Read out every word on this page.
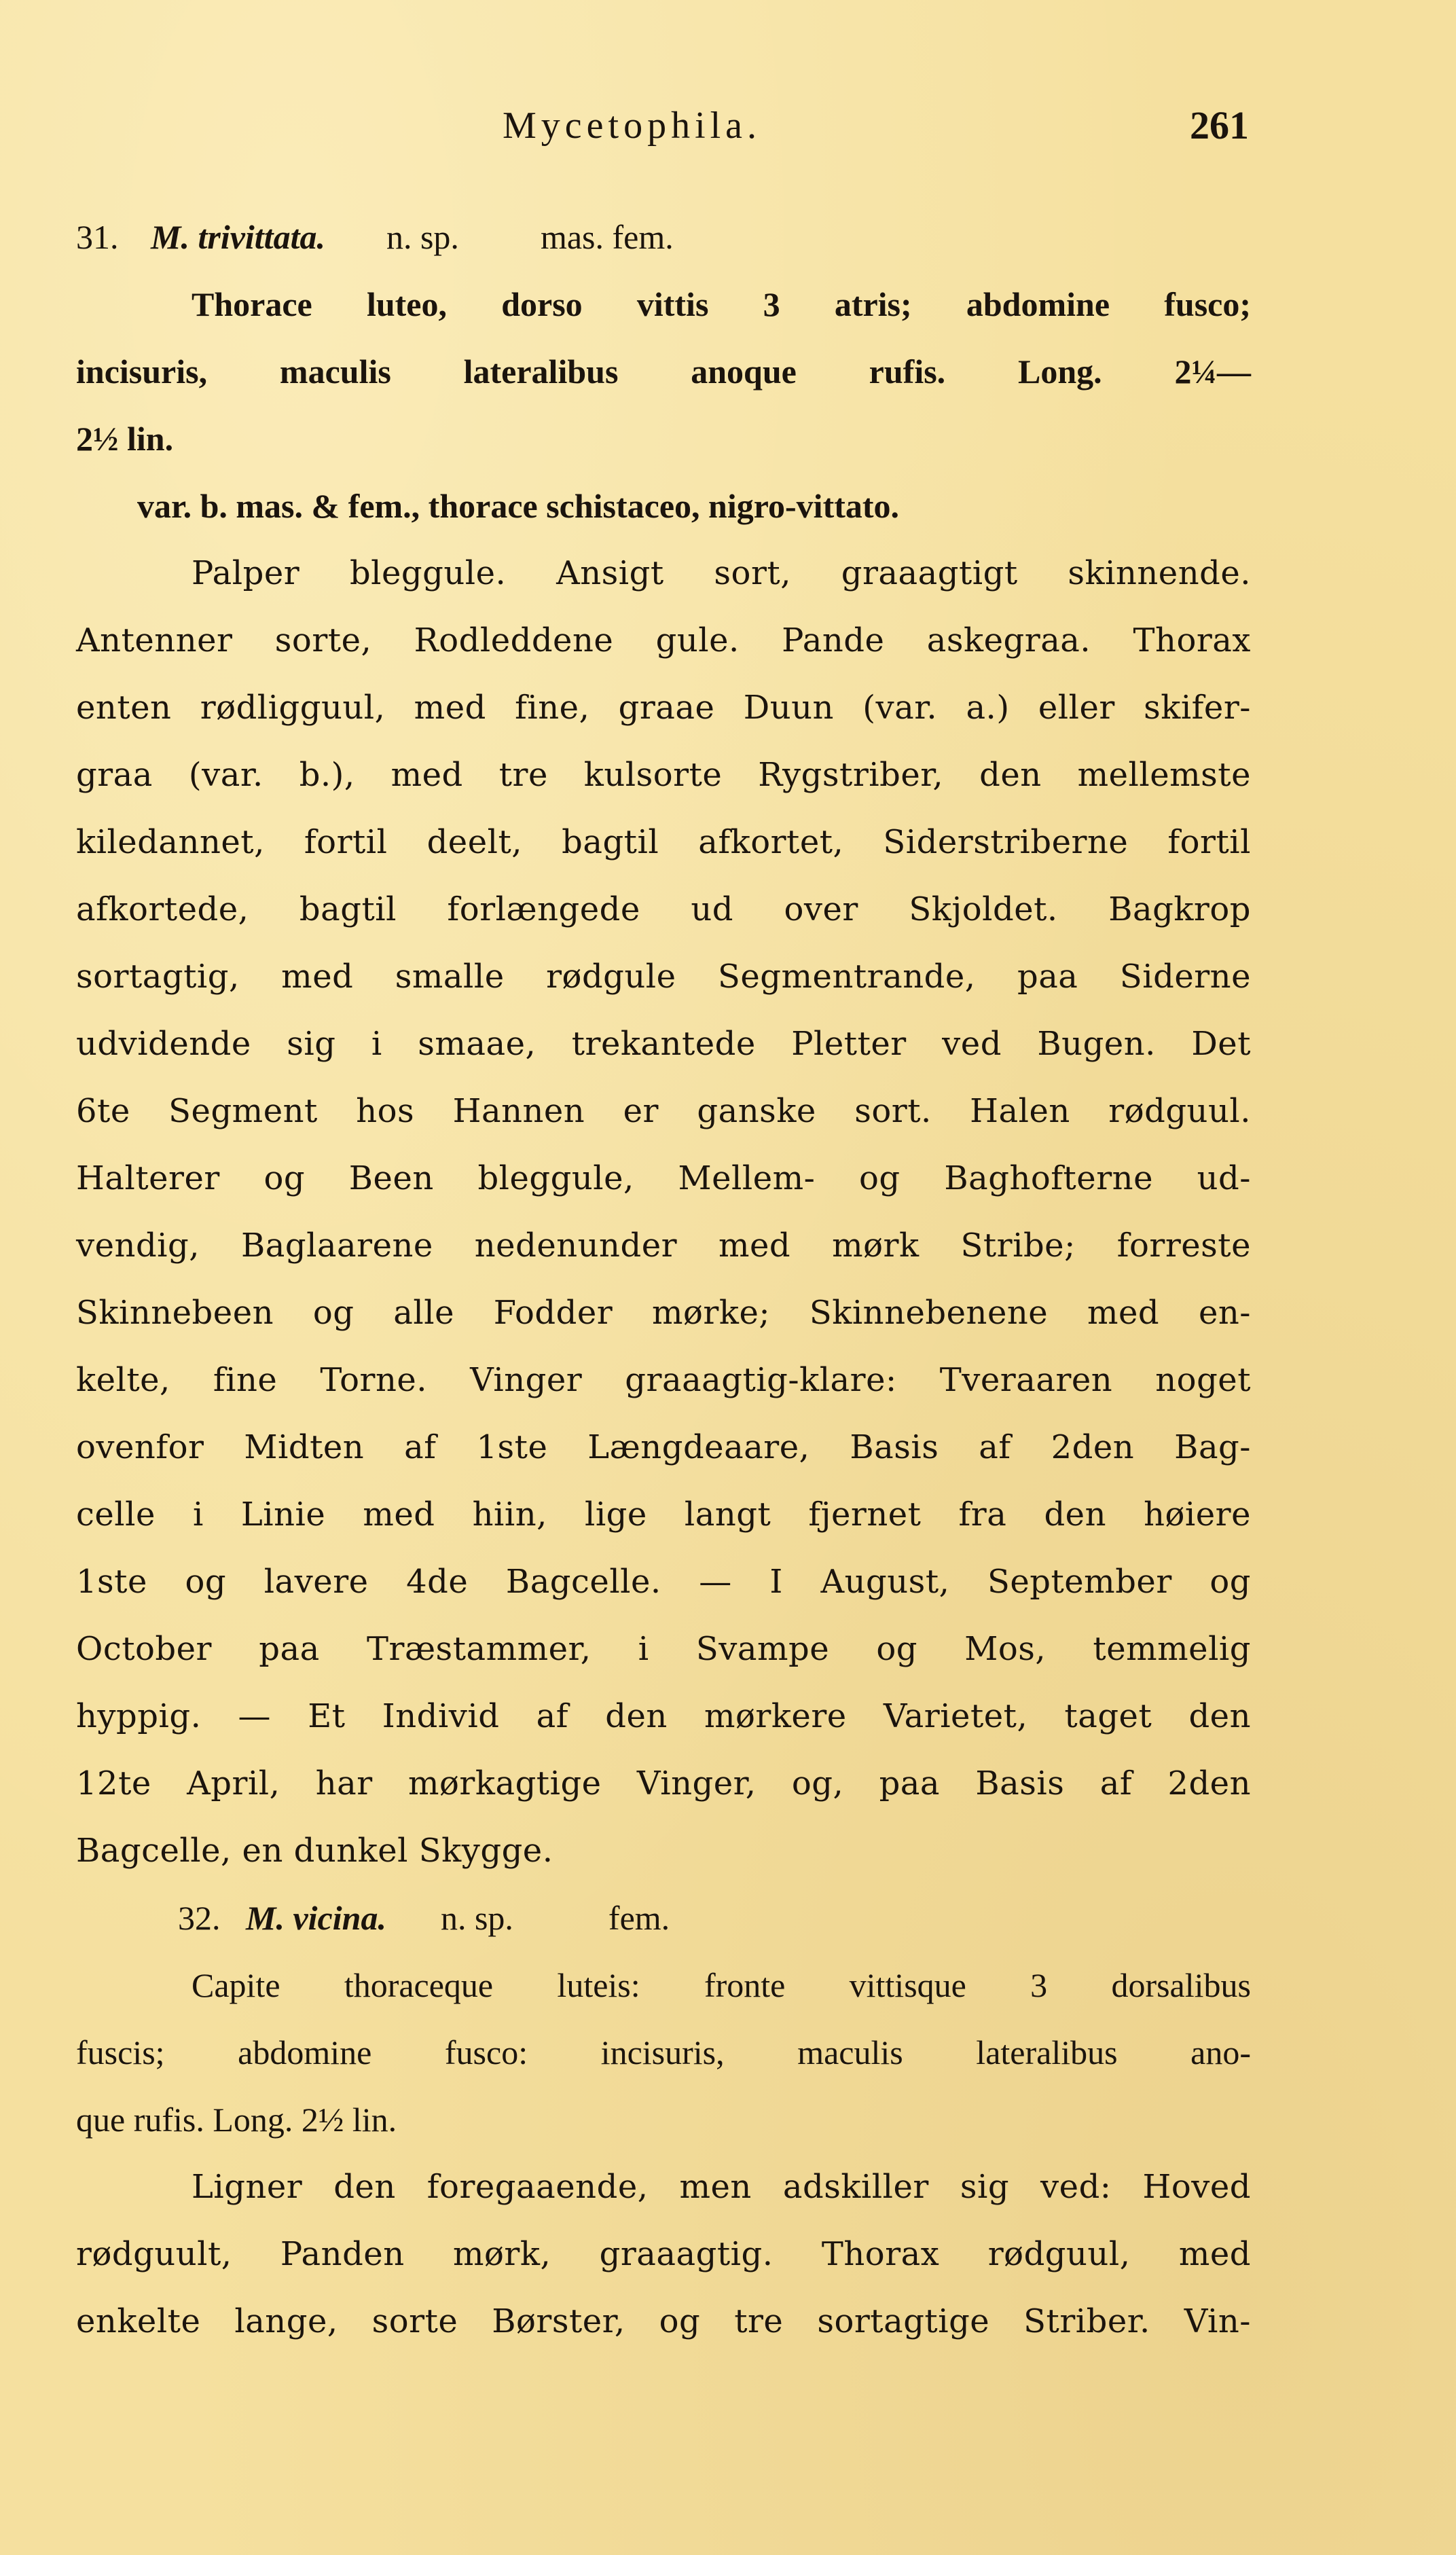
Mycetophila.	261
31. M. trivittata. n. sp. mas. fem.
Thorace luteo, dorso vittis 3 atris; abdomine fusco;
incisuris, maculis lateralibus anoque rufis. Long. 2¼—
2½ lin.
var. b. mas. & fem., thorace schistaceo, nigro-vittato.
Palper bleggule. Ansigt sort, graaagtigt skinnende.
Antenner sorte, Rodleddene gule. Pande askegraa. Thorax
enten rødligguul, med fine, graae Duun (var. a.) eller skifer-
graa (var. b.), med tre kulsorte Rygstriber, den mellemste
kiledannet, fortil deelt, bagtil afkortet, Siderstriberne fortil
afkortede, bagtil forlængede ud over Skjoldet. Bagkrop
sortagtig, med smalle rødgule Segmentrande, paa Siderne
udvidende sig i smaae, trekantede Pletter ved Bugen. Det
6te Segment hos Hannen er ganske sort. Halen rødguul.
Halterer og Been bleggule, Mellem- og Baghofterne ud-
vendig, Baglaarene nedenunder med mørk Stribe; forreste
Skinnebeen og alle Fodder mørke; Skinnebenene med en-
kelte, fine Torne. Vinger graaagtig-klare: Tveraaren noget
ovenfor Midten af 1ste Længdeaare, Basis af 2den Bag-
celle i Linie med hiin, lige langt fjernet fra den høiere
1ste og lavere 4de Bagcelle. — I August, September og
October paa Træstammer, i Svampe og Mos, temmelig
hyppig. — Et Individ af den mørkere Varietet, taget den
12te April, har mørkagtige Vinger, og, paa Basis af 2den
Bagcelle, en dunkel Skygge.
32. M. vicina. n. sp.	fem.
Capite thoraceque luteis: fronte vittisque 3 dorsalibus
fuscis; abdomine fusco: incisuris, maculis lateralibus ano-
que rufis. Long. 2½ lin.
Ligner den foregaaende, men adskiller sig ved: Hoved
rødguult, Panden mørk, graaagtig. Thorax rødguul, med
enkelte lange, sorte Børster, og tre sortagtige Striber. Vin-
